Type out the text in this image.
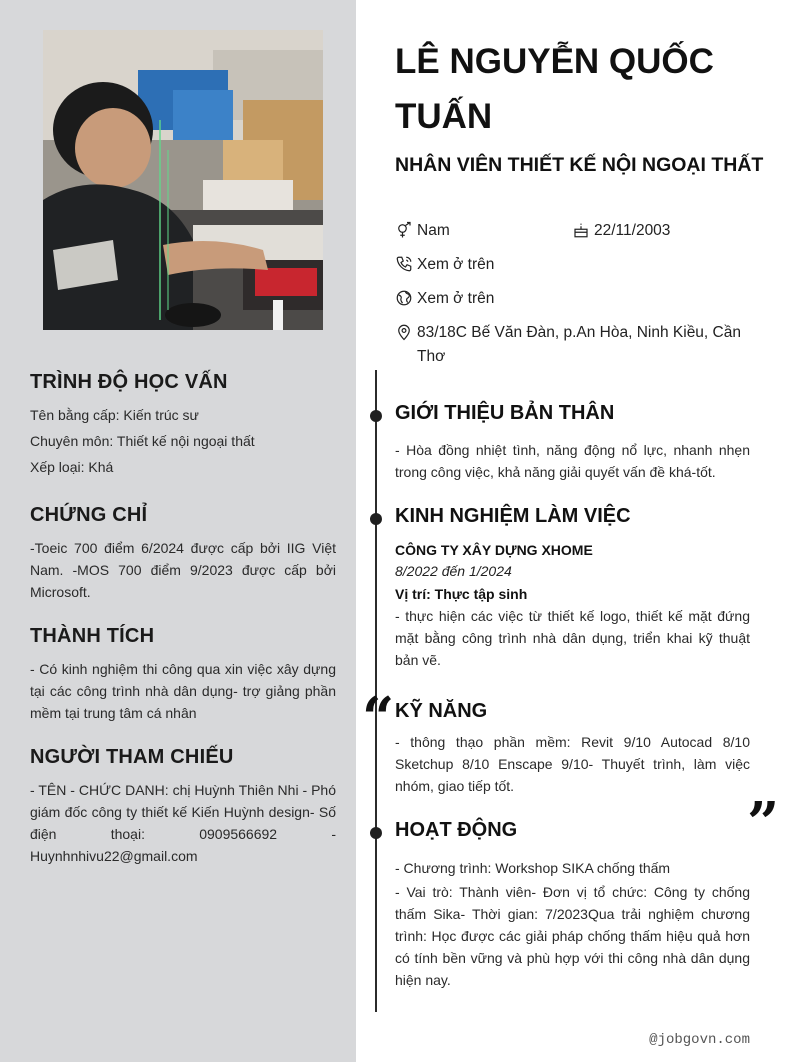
TRÌNH ĐỘ HỌC VẤN
Tên bằng cấp: Kiến trúc sư
Chuyên môn: Thiết kế nội ngoại thất
Xếp loại: Khá
CHỨNG CHỈ
-Toeic 700 điểm 6/2024 được cấp bởi IIG Việt Nam. -MOS 700 điểm 9/2023 được cấp bởi Microsoft.
THÀNH TÍCH
- Có kinh nghiệm thi công qua xin việc xây dựng tại các công trình nhà dân dụng- trợ giảng phần mềm tại trung tâm cá nhân
NGƯỜI THAM CHIẾU
- TÊN - CHỨC DANH: chị Huỳnh Thiên Nhi - Phó giám đốc công ty thiết kế Kiến Huỳnh design- Số điện thoại: 0909566692 - Huynhnhivu22@gmail.com
LÊ NGUYỄN QUỐC TUẤN
NHÂN VIÊN THIẾT KẾ NỘI NGOẠI THẤT
Nam	22/11/2003
Xem ở trên
Xem ở trên
83/18C Bế Văn Đàn, p.An Hòa, Ninh Kiều, Cần Thơ
GIỚI THIỆU BẢN THÂN
- Hòa đồng nhiệt tình, năng động nổ lực, nhanh nhẹn trong công việc, khả năng giải quyết vấn đề khá-tốt.
KINH NGHIỆM LÀM VIỆC
CÔNG TY XÂY DỰNG XHOME
8/2022 đến 1/2024
Vị trí: Thực tập sinh
- thực hiện các việc từ thiết kế logo, thiết kế mặt đứng mặt bằng công trình nhà dân dụng, triển khai kỹ thuật bản vẽ.
“ KỸ NĂNG
- thông thạo phần mềm: Revit 9/10 Autocad 8/10 Sketchup 8/10 Enscape 9/10- Thuyết trình, làm việc nhóm, giao tiếp tốt.
”
HOẠT ĐỘNG
- Chương trình: Workshop SIKA chống thấm
- Vai trò: Thành viên- Đơn vị tổ chức: Công ty chống thấm Sika- Thời gian: 7/2023Qua trải nghiệm chương trình: Học được các giải pháp chống thấm hiệu quả hơn có tính bền vững và phù hợp với thi công nhà dân dụng hiện nay.
@jobgovn.com
